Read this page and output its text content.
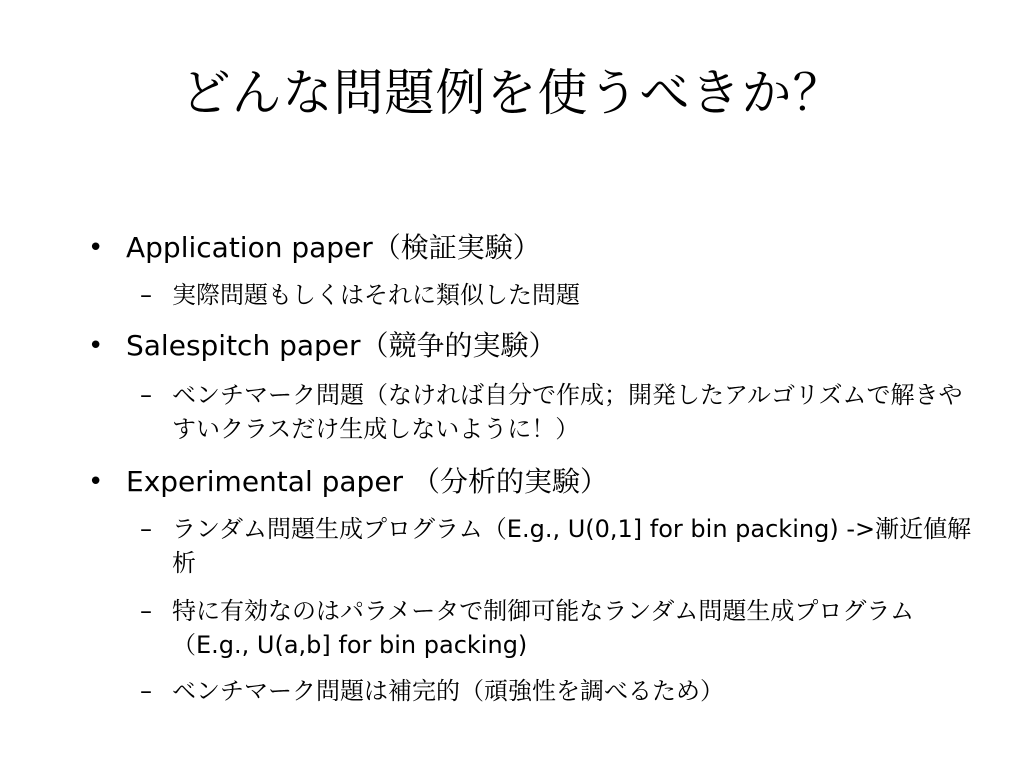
どんな問題例を使うべきか？
• Application paper（検証実験）
– 実際問題もしくはそれに類似した問題
• Salespitch paper（競争的実験）
– ベンチマーク問題（なければ自分で作成；開発したアルゴリズムで解きやすいクラスだけ生成しないように！）
• Experimental paper （分析的実験）
– ランダム問題生成プログラム（E.g., U(0,1] for bin packing) ->漸近値解析
– 特に有効なのはパラメータで制御可能なランダム問題生成プログラム（E.g., U(a,b] for bin packing)
– ベンチマーク問題は補完的（頑強性を調べるため）
